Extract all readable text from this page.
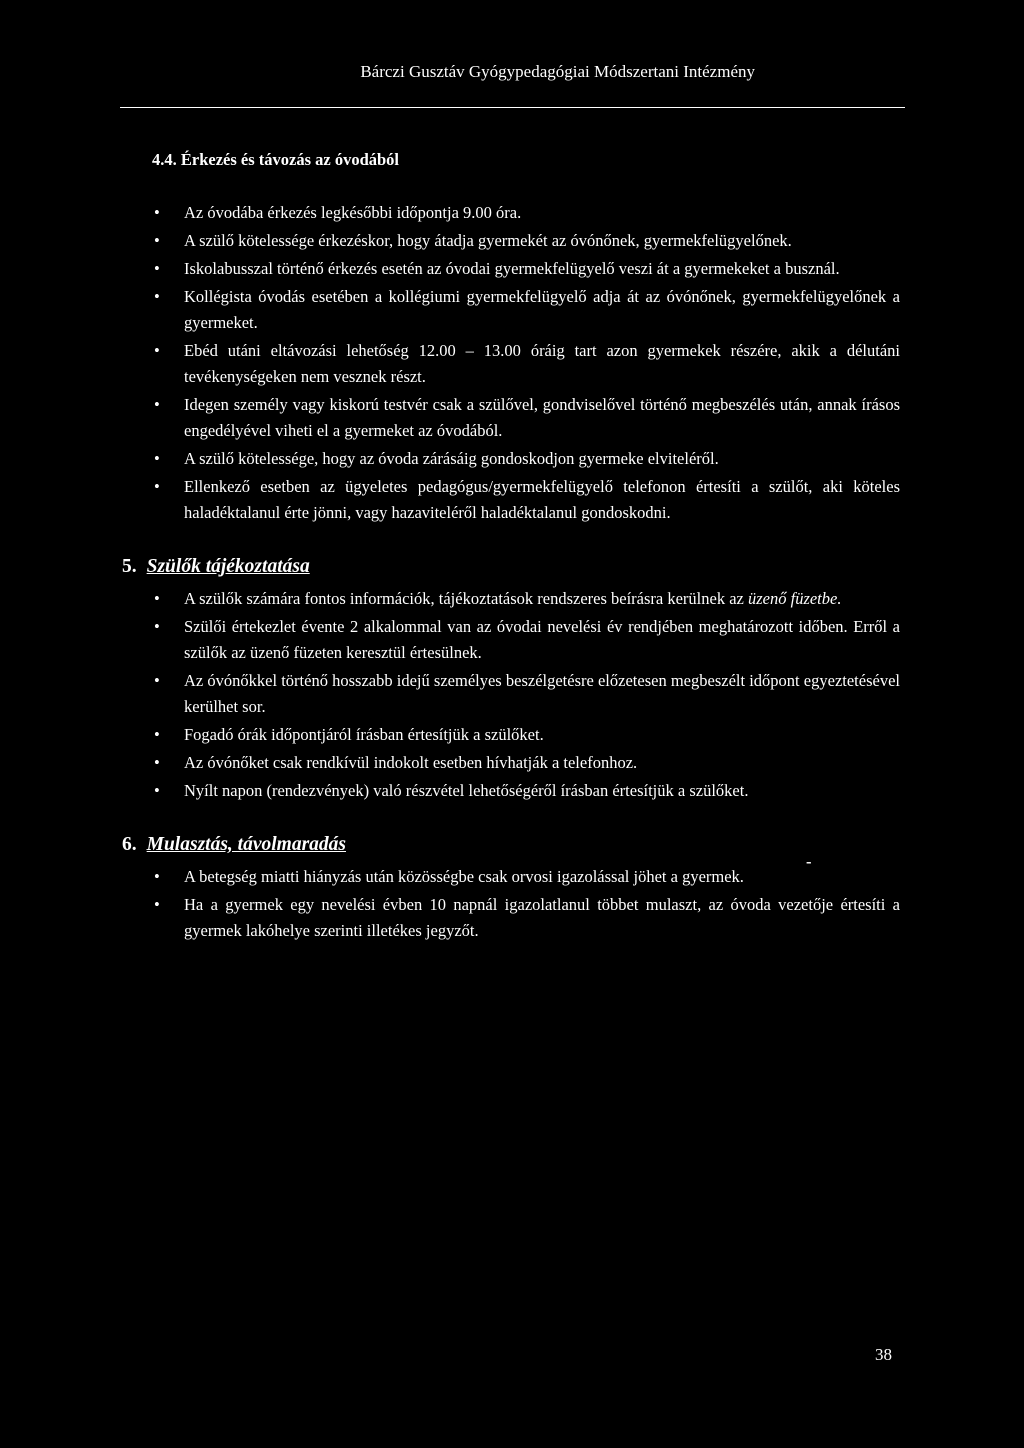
Bárczi Gusztáv Gyógypedagógiai Módszertani Intézmény
4.4. Érkezés és távozás az óvodából
• Az óvodába érkezés legkésőbbi időpontja 9.00 óra.
• A szülő kötelessége érkezéskor, hogy átadja gyermekét az óvónőnek, gyermekfelügyelőnek.
• Iskolabusszal történő érkezés esetén az óvodai gyermekfelügyelő veszi át a gyermekeket a busznál.
• Kollégista óvodás esetében a kollégiumi gyermekfelügyelő adja át az óvónőnek, gyermekfelügyelőnek a gyermeket.
• Ebéd utáni eltávozási lehetőség 12.00 – 13.00 óráig tart azon gyermekek részére, akik a délutáni tevékenységeken nem vesznek részt.
• Idegen személy vagy kiskorú testvér csak a szülővel, gondviselővel történő megbeszélés után, annak írásos engedélyével viheti el a gyermeket az óvodából.
• A szülő kötelessége, hogy az óvoda zárásáig gondoskodjon gyermeke elviteléről.
• Ellenkező esetben az ügyeletes pedagógus/gyermekfelügyelő telefonon értesíti a szülőt, aki köteles haladéktalanul érte jönni, vagy hazaviteléről haladéktalanul gondoskodni.
5. Szülők tájékoztatása
• A szülők számára fontos információk, tájékoztatások rendszeres beírásra kerülnek az üzenő füzetbe.
• Szülői értekezlet évente 2 alkalommal van az óvodai nevelési év rendjében meghatározott időben. Erről a szülők az üzenő füzeten keresztül értesülnek.
• Az óvónőkkel történő hosszabb idejű személyes beszélgetésre előzetesen megbeszélt időpont egyeztetésével kerülhet sor.
• Fogadó órák időpontjáról írásban értesítjük a szülőket.
• Az óvónőket csak rendkívül indokolt esetben hívhatják a telefonhoz.
• Nyílt napon (rendezvények) való részvétel lehetőségéről írásban értesítjük a szülőket.
6. Mulasztás, távolmaradás
• A betegség miatti hiányzás után közösségbe csak orvosi igazolással jöhet a gyermek.
• Ha a gyermek egy nevelési évben 10 napnál igazolatlanul többet mulaszt, az óvoda vezetője értesíti a gyermek lakóhelye szerinti illetékes jegyzőt.
-
38
